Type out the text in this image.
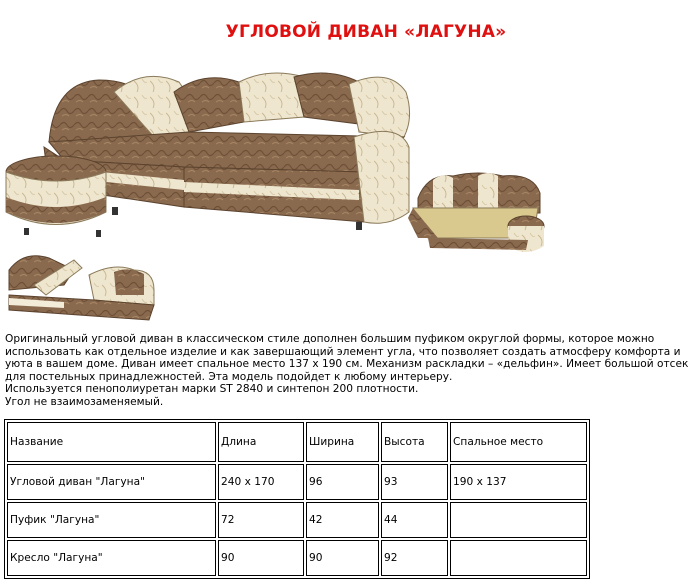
УГЛОВОЙ ДИВАН «ЛАГУНА»

Оригинальный угловой диван в классическом стиле дополнен большим пуфиком округлой формы, которое можно использовать как отдельное изделие и как завершающий элемент угла, что позволяет создать атмосферу комфорта и уюта в вашем доме. Диван имеет спальное место 137 х 190 см. Механизм раскладки – «дельфин». Имеет большой отсек для постельных принадлежностей. Эта модель подойдет к любому интерьеру.

Используется пенополиуретан марки ST 2840 и синтепон 200 плотности.

Угол не взаимозаменяемый.

Название	Длина	Ширина	Высота	Спальное место
Угловой диван "Лагуна"	240 х 170	96	93	190 х 137
Пуфик "Лагуна"	72	42	44	
Кресло "Лагуна"	90	90	92	
